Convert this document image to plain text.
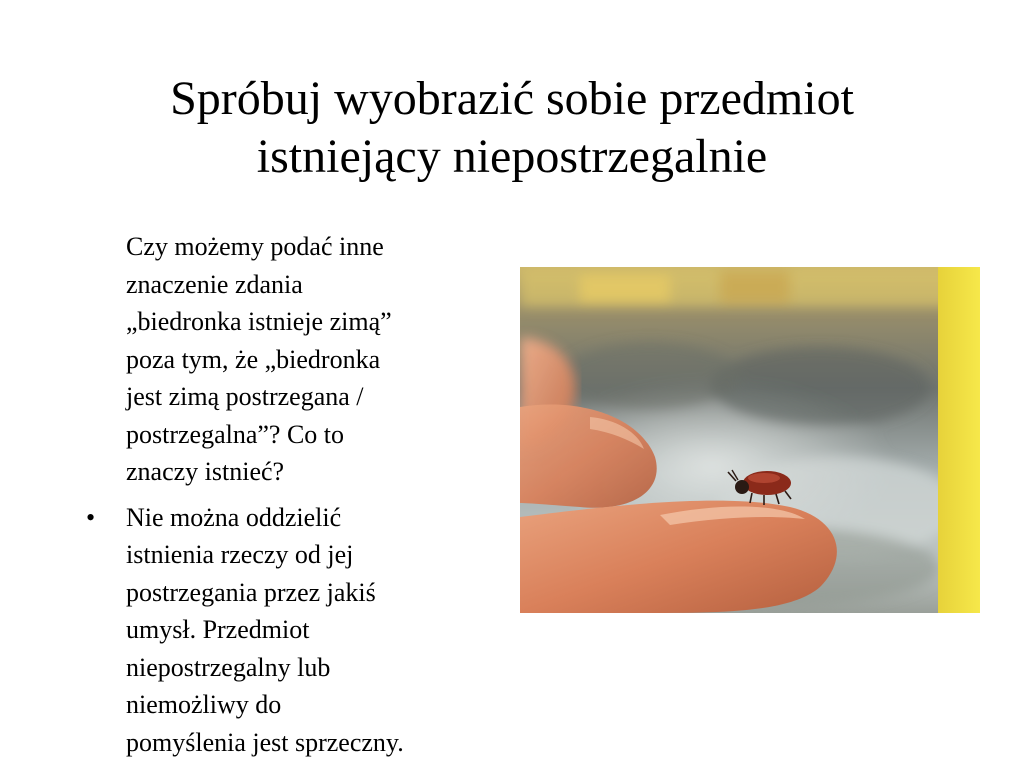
Spróbuj wyobrazić sobie przedmiot
istniejący niepostrzegalnie
Czy możemy podać inne
znaczenie zdania
„biedronka istnieje zimą”
poza tym, że „biedronka
jest zimą postrzegana /
postrzegalna”? Co to
znaczy istnieć?
• Nie można oddzielić
istnienia rzeczy od jej
postrzegania przez jakiś
umysł. Przedmiot
niepostrzegalny lub
niemożliwy do
pomyślenia jest sprzeczny.
